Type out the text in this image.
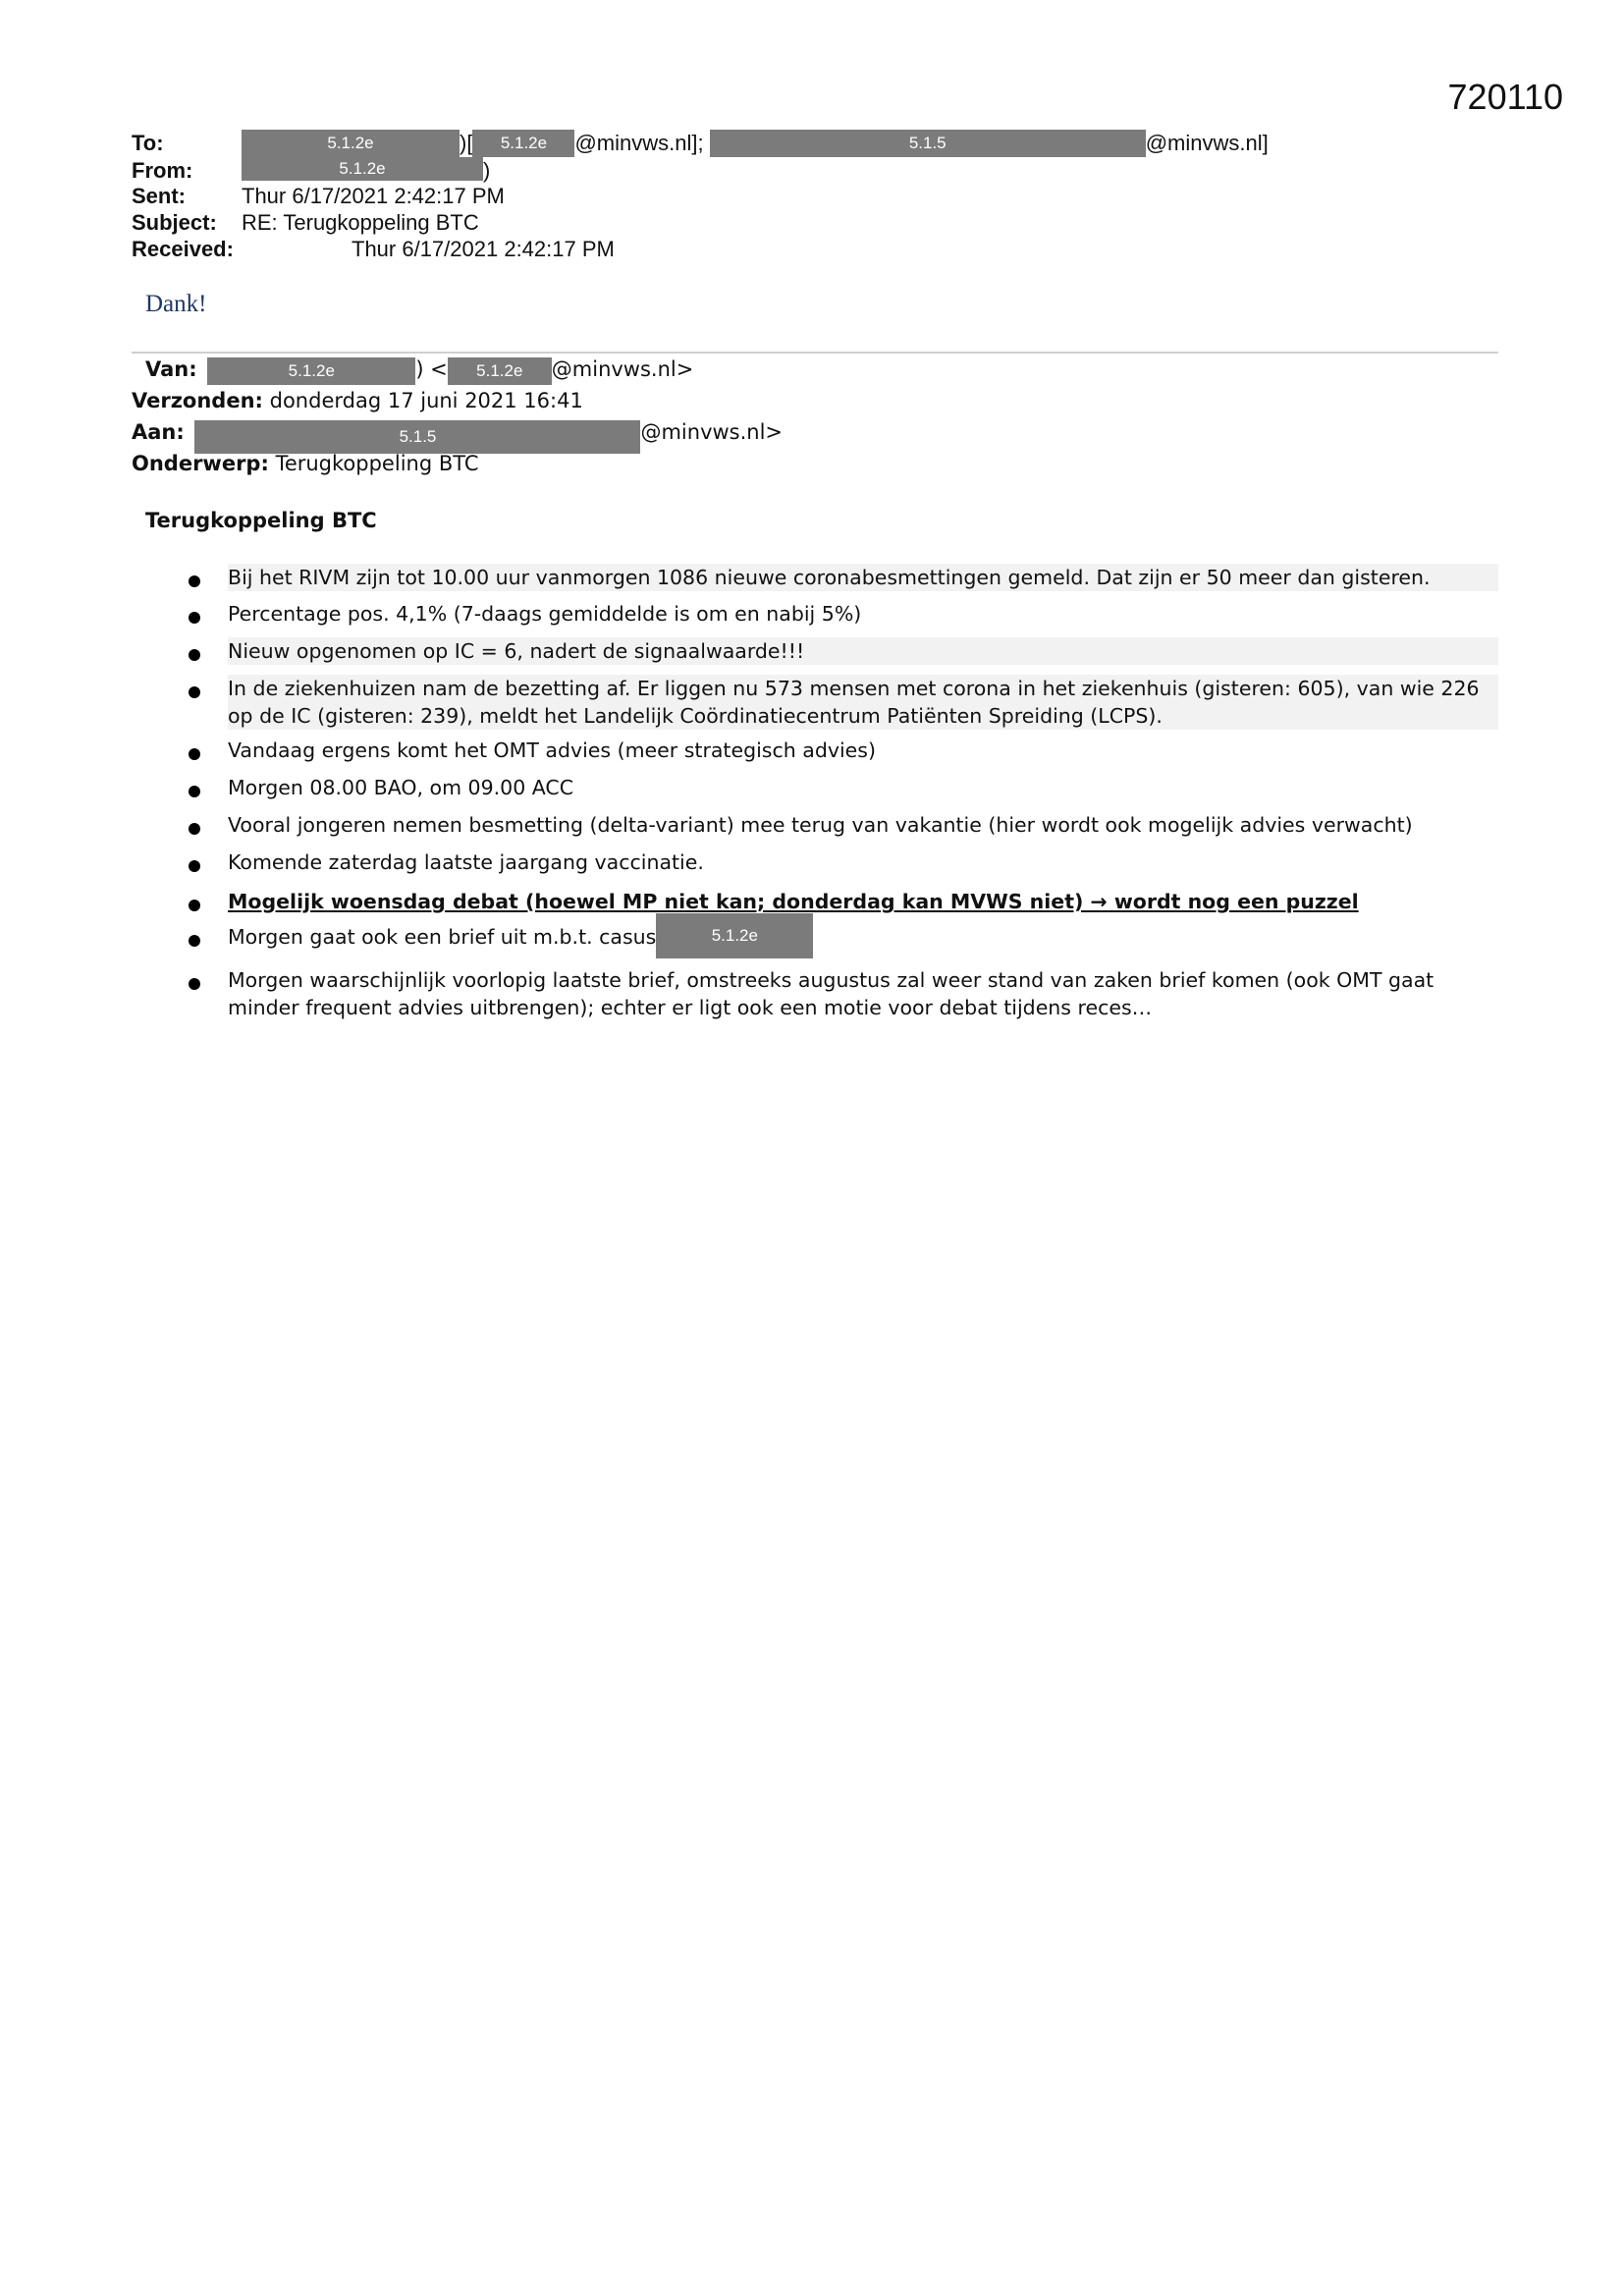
720110
To:	5.1.2e	)[ 5.1.2e @minvws.nl];	5.1.5	@minvws.nl]
From:	5.1.2e	)
Sent:	Thur 6/17/2021 2:42:17 PM
Subject: RE: Terugkoppeling BTC
Received:	Thur 6/17/2021 2:42:17 PM
Dank!
Van:	5.1.2e	) < 5.1.2e @minvws.nl>
Verzonden: donderdag 17 juni 2021 16:41
Aan:	5.1.5	@minvws.nl>
Onderwerp: Terugkoppeling BTC
Terugkoppeling BTC
Bij het RIVM zijn tot 10.00 uur vanmorgen 1086 nieuwe coronabesmettingen gemeld. Dat zijn er 50 meer dan gisteren.
Percentage pos. 4,1% (7-daags gemiddelde is om en nabij 5%)
Nieuw opgenomen op IC = 6, nadert de signaalwaarde!!!
In de ziekenhuizen nam de bezetting af. Er liggen nu 573 mensen met corona in het ziekenhuis (gisteren: 605), van wie 226 op de IC (gisteren: 239), meldt het Landelijk Coördinatiecentrum Patiënten Spreiding (LCPS).
Vandaag ergens komt het OMT advies (meer strategisch advies)
Morgen 08.00 BAO, om 09.00 ACC
Vooral jongeren nemen besmetting (delta-variant) mee terug van vakantie (hier wordt ook mogelijk advies verwacht)
Komende zaterdag laatste jaargang vaccinatie.
Mogelijk woensdag debat (hoewel MP niet kan; donderdag kan MVWS niet) → wordt nog een puzzel
Morgen gaat ook een brief uit m.b.t. casus	5.1.2e
Morgen waarschijnlijk voorlopig laatste brief, omstreeks augustus zal weer stand van zaken brief komen (ook OMT gaat minder frequent advies uitbrengen); echter er ligt ook een motie voor debat tijdens reces…
